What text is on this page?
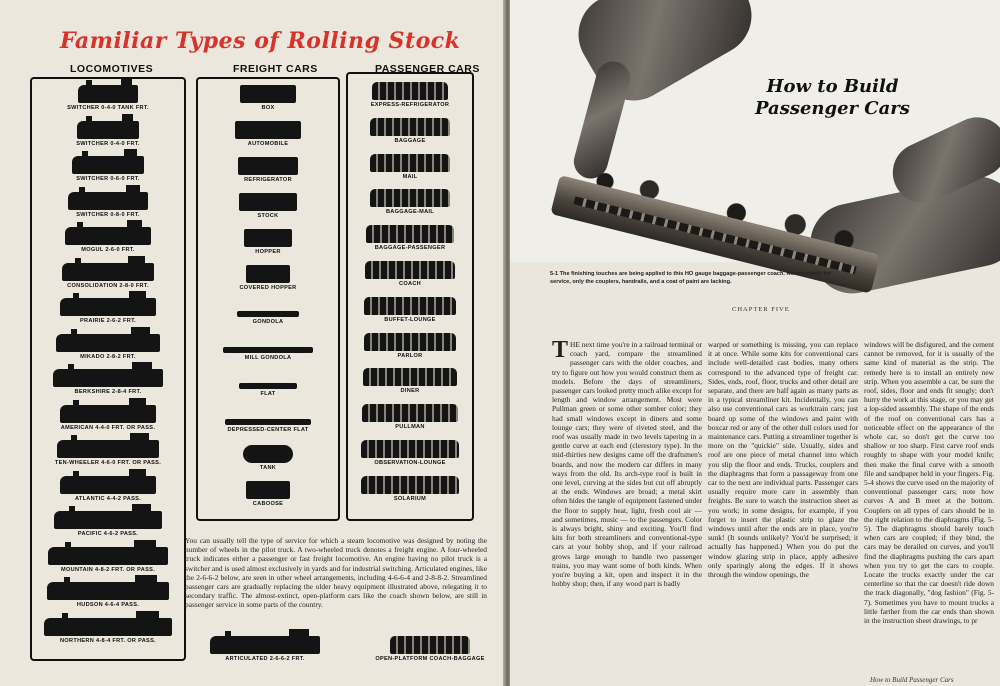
Familiar Types of Rolling Stock
LOCOMOTIVES	FREIGHT CARS	PASSENGER CARS
SWITCHER 0-4-0 TANK FRT.
SWITCHER 0-4-0 FRT.
SWITCHER 0-6-0 FRT.
SWITCHER 0-8-0 FRT.
MOGUL 2-6-0 FRT.
CONSOLIDATION 2-8-0 FRT.
PRAIRIE 2-6-2 FRT.
MIKADO 2-8-2 FRT.
BERKSHIRE 2-8-4 FRT.
AMERICAN 4-4-0 FRT. OR PASS.
TEN-WHEELER 4-6-0 FRT. OR PASS.
ATLANTIC 4-4-2 PASS.
PACIFIC 4-6-2 PASS.
MOUNTAIN 4-8-2 FRT. OR PASS.
HUDSON 4-6-4 PASS.
NORTHERN 4-8-4 FRT. OR PASS.
BOX
AUTOMOBILE
REFRIGERATOR
STOCK
HOPPER
COVERED HOPPER
GONDOLA
MILL GONDOLA
FLAT
DEPRESSED-CENTER FLAT
TANK
CABOOSE
EXPRESS-REFRIGERATOR
BAGGAGE
MAIL
BAGGAGE-MAIL
BAGGAGE-PASSENGER
COACH
BUFFET-LOUNGE
PARLOR
DINER
PULLMAN
OBSERVATION-LOUNGE
SOLARIUM
ARTICULATED 2-6-6-2 FRT.	OPEN-PLATFORM COACH-BAGGAGE
You can usually tell the type of service for which a steam locomotive was designed by noting the number of wheels in the pilot truck. A two-wheeled truck denotes a freight engine. A four-wheeled truck indicates either a passenger or fast freight locomotive. An engine having no pilot truck is a switcher and is used almost exclusively in yards and for industrial switching. Articulated engines, like the 2-6-6-2 below, are seen in other wheel arrangements, including 4-6-6-4 and 2-8-8-2. Streamlined passenger cars are gradually replacing the older heavy equipment illustrated above, relegating it to secondary traffic. The almost-extinct, open-platform cars like the coach shown below, are still in passenger service in some parts of the country.
How to Build
Passenger Cars
5-1 The finishing touches are being applied to this HO gauge baggage-passenger coach. Almost ready for service, only the couplers, handrails, and a coat of paint are lacking.
CHAPTER FIVE
THE next time you're in a railroad terminal or coach yard, compare the streamlined passenger cars with the older coaches, and try to figure out how you would construct them as models. Before the days of streamliners, passenger cars looked pretty much alike except for length and window arrangement. Most were Pullman green or some other somber color; they had small windows except in diners and some lounge cars; they were of riveted steel, and the roof was usually made in two levels tapering in a gentle curve at each end (clerestory type). In the mid-thirties new designs came off the draftsmen's boards, and now the modern car differs in many ways from the old. Its arch-type roof is built in one level, curving at the sides but cut off abruptly at the ends. Windows are broad; a metal skirt often hides the tangle of equipment fastened under the floor to supply heat, light, fresh cool air — and sometimes, music — to the passengers. Color is always bright, shiny and exciting. You'll find kits for both streamliners and conventional-type cars at your hobby shop, and if your railroad grows large enough to handle two passenger trains, you may want some of both kinds. When you're buying a kit, open and inspect it in the hobby shop; then, if any wood part is badly
warped or something is missing, you can replace it at once. While some kits for conventional cars include well-detailed cast bodies, many others correspond to the advanced type of freight car. Sides, ends, roof, floor, trucks and other detail are separate, and there are half again as many parts as in a typical streamliner kit. Incidentally, you can also use conventional cars as worktrain cars; just board up some of the windows and paint with boxcar red or any of the other dull colors used for maintenance cars. Putting a streamliner together is more on the "quickie" side. Usually, sides and roof are one piece of metal channel into which you slip the floor and ends. Trucks, couplers and the diaphragms that form a passageway from one car to the next are individual parts. Passenger cars usually require more care in assembly than freights. Be sure to watch the instruction sheet as you work; in some designs, for example, if you forget to insert the plastic strip to glaze the windows until after the ends are in place, you're sunk! (It sounds unlikely? You'd be surprised; it actually has happened.) When you do put the window glazing strip in place, apply adhesive only sparingly along the edges. If it shows through the window openings, the
windows will be disfigured, and the cement cannot be removed, for it is usually of the same kind of material as the strip. The remedy here is to install an entirely new strip. When you assemble a car, be sure the roof, sides, floor and ends fit snugly; don't hurry the work at this stage, or you may get a lop-sided assembly. The shape of the ends of the roof on conventional cars has a noticeable effect on the appearance of the whole car, so don't get the curve too shallow or too sharp. First carve roof ends roughly to shape with your model knife; then make the final curve with a smooth file and sandpaper held in your fingers. Fig. 5-4 shows the curve used on the majority of conventional passenger cars; note how curves A and B meet at the bottom. Couplers on all types of cars should be in the right relation to the diaphragms (Fig. 5-5). The diaphragms should barely touch when cars are coupled; if they bind, the cars may be derailed on curves, and you'll find the diaphragms pushing the cars apart when you try to get the cars to couple. Locate the trucks exactly under the car centerline so that the car doesn't ride down the track diagonally, "dog fashion" (Fig. 5-7). Sometimes you have to mount trucks a little farther from the car ends than shown in the instruction sheet drawings, to pr
How to Build Passenger Cars
